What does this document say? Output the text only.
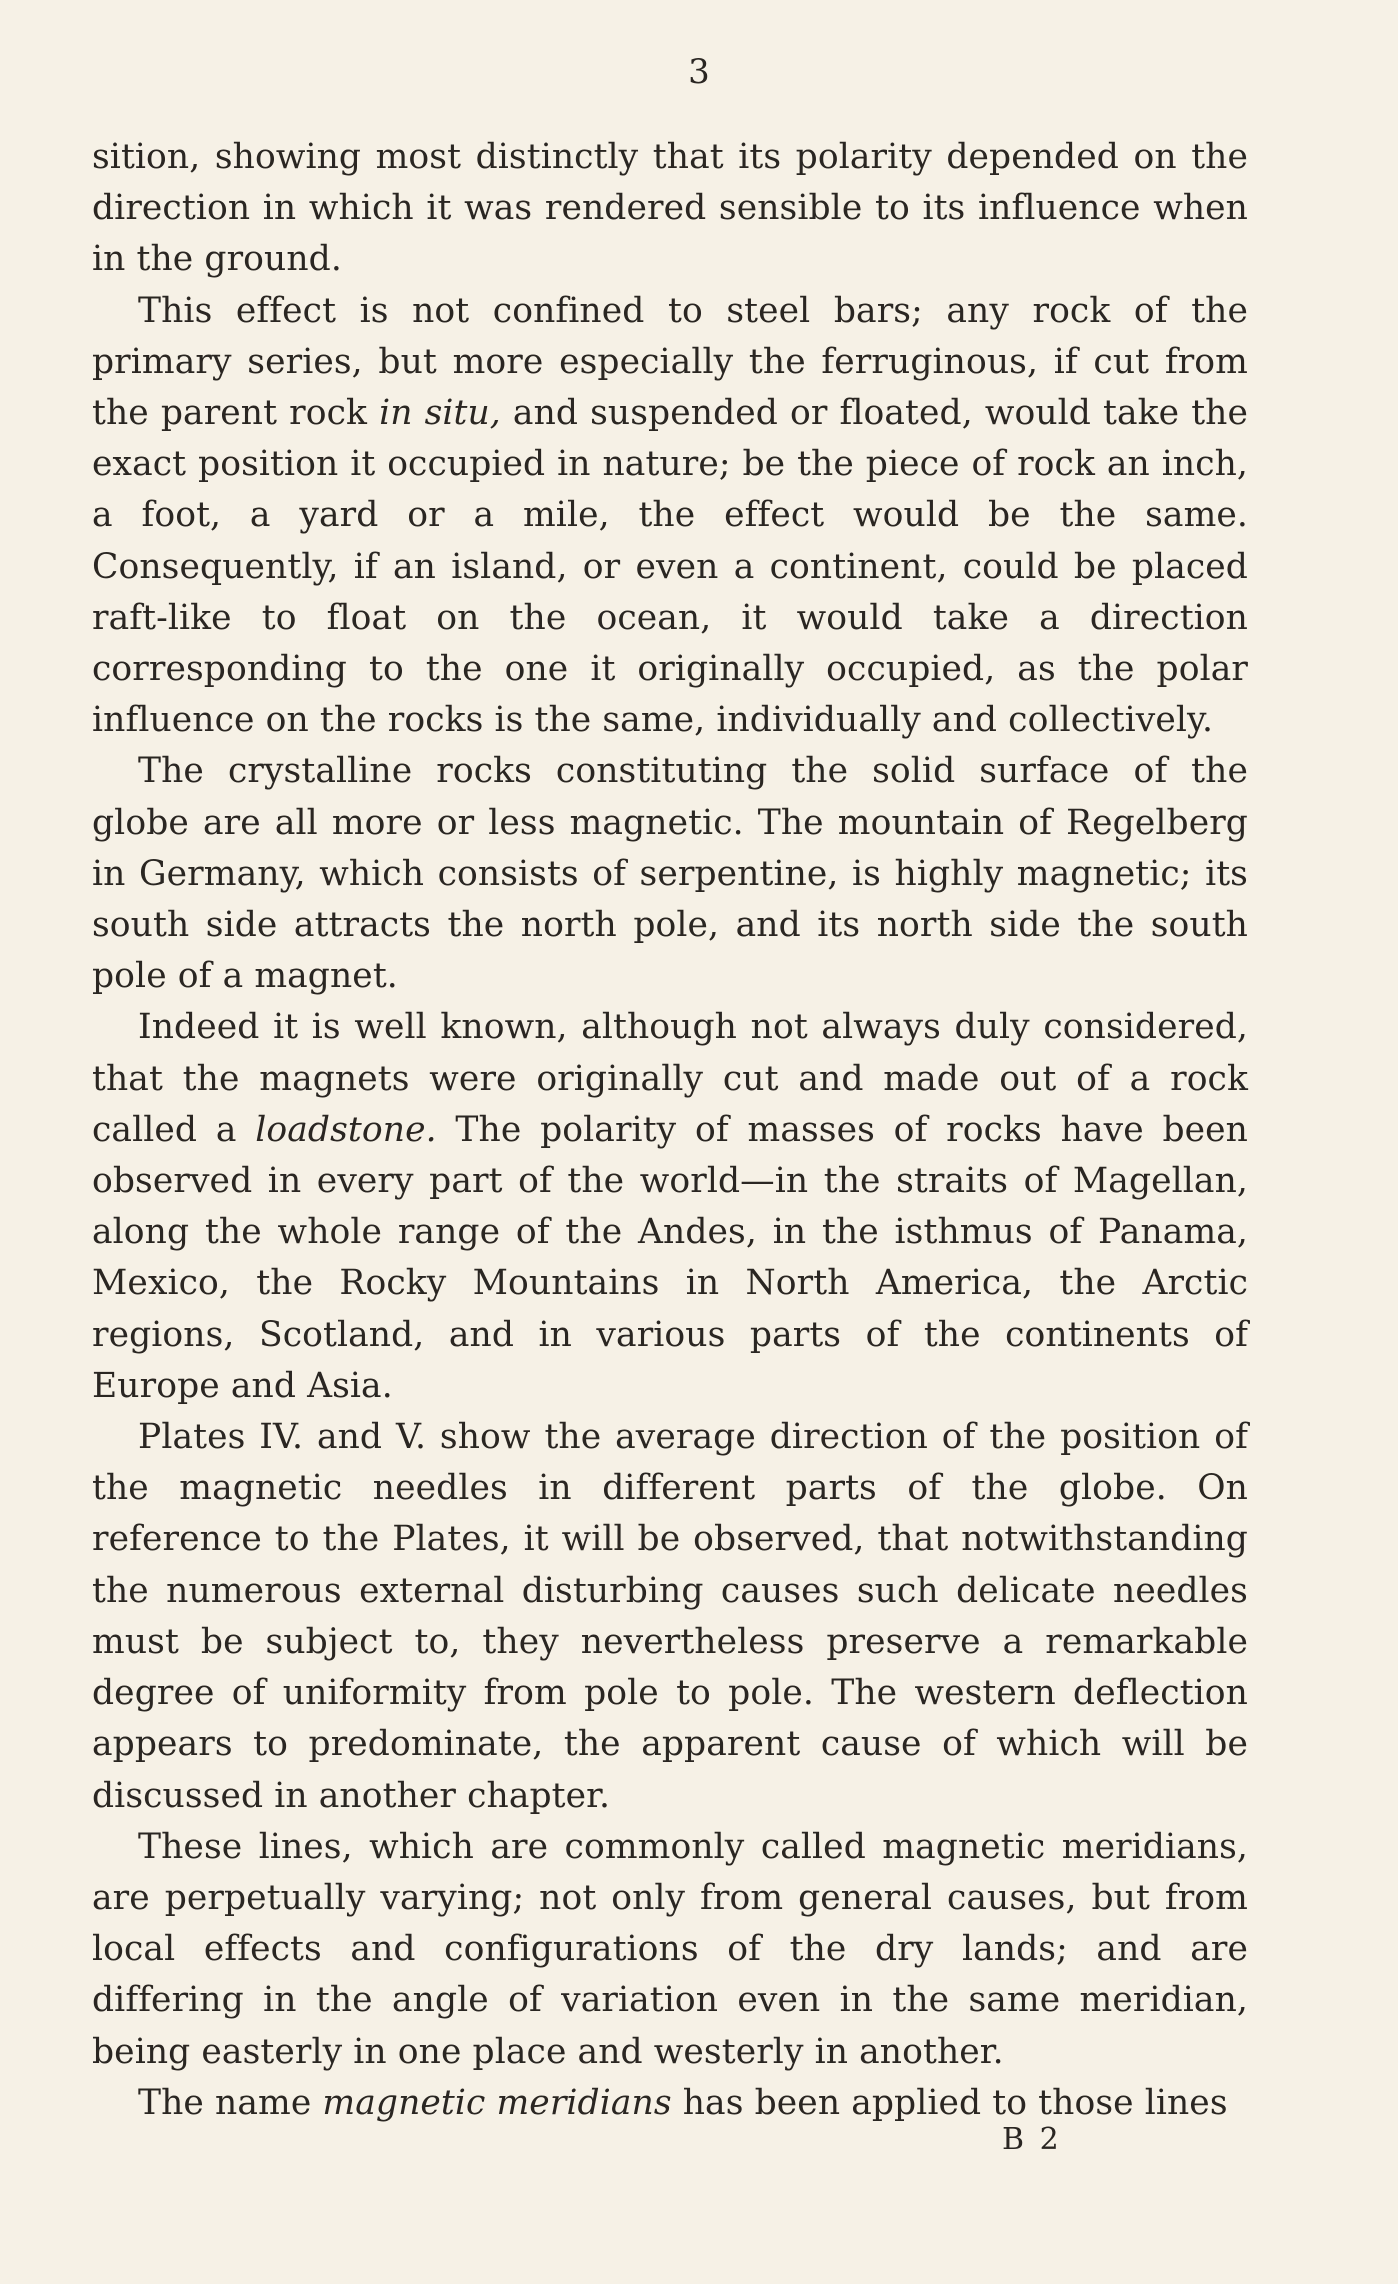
3

sition, showing most distinctly that its polarity depended on the direction in which it was rendered sensible to its influence when in the ground.

This effect is not confined to steel bars; any rock of the primary series, but more especially the ferruginous, if cut from the parent rock in situ, and suspended or floated, would take the exact position it occupied in nature; be the piece of rock an inch, a foot, a yard or a mile, the effect would be the same. Consequently, if an island, or even a continent, could be placed raft-like to float on the ocean, it would take a direction corresponding to the one it originally occupied, as the polar influence on the rocks is the same, individually and collectively.

The crystalline rocks constituting the solid surface of the globe are all more or less magnetic. The mountain of Regelberg in Germany, which consists of serpentine, is highly magnetic; its south side attracts the north pole, and its north side the south pole of a magnet.

Indeed it is well known, although not always duly considered, that the magnets were originally cut and made out of a rock called a loadstone. The polarity of masses of rocks have been observed in every part of the world—in the straits of Magellan, along the whole range of the Andes, in the isthmus of Panama, Mexico, the Rocky Mountains in North America, the Arctic regions, Scotland, and in various parts of the continents of Europe and Asia.

Plates IV. and V. show the average direction of the position of the magnetic needles in different parts of the globe. On reference to the Plates, it will be observed, that notwithstanding the numerous external disturbing causes such delicate needles must be subject to, they nevertheless preserve a remarkable degree of uniformity from pole to pole. The western deflection appears to predominate, the apparent cause of which will be discussed in another chapter.

These lines, which are commonly called magnetic meridians, are perpetually varying; not only from general causes, but from local effects and configurations of the dry lands; and are differing in the angle of variation even in the same meridian, being easterly in one place and westerly in another.

The name magnetic meridians has been applied to those lines

B 2
